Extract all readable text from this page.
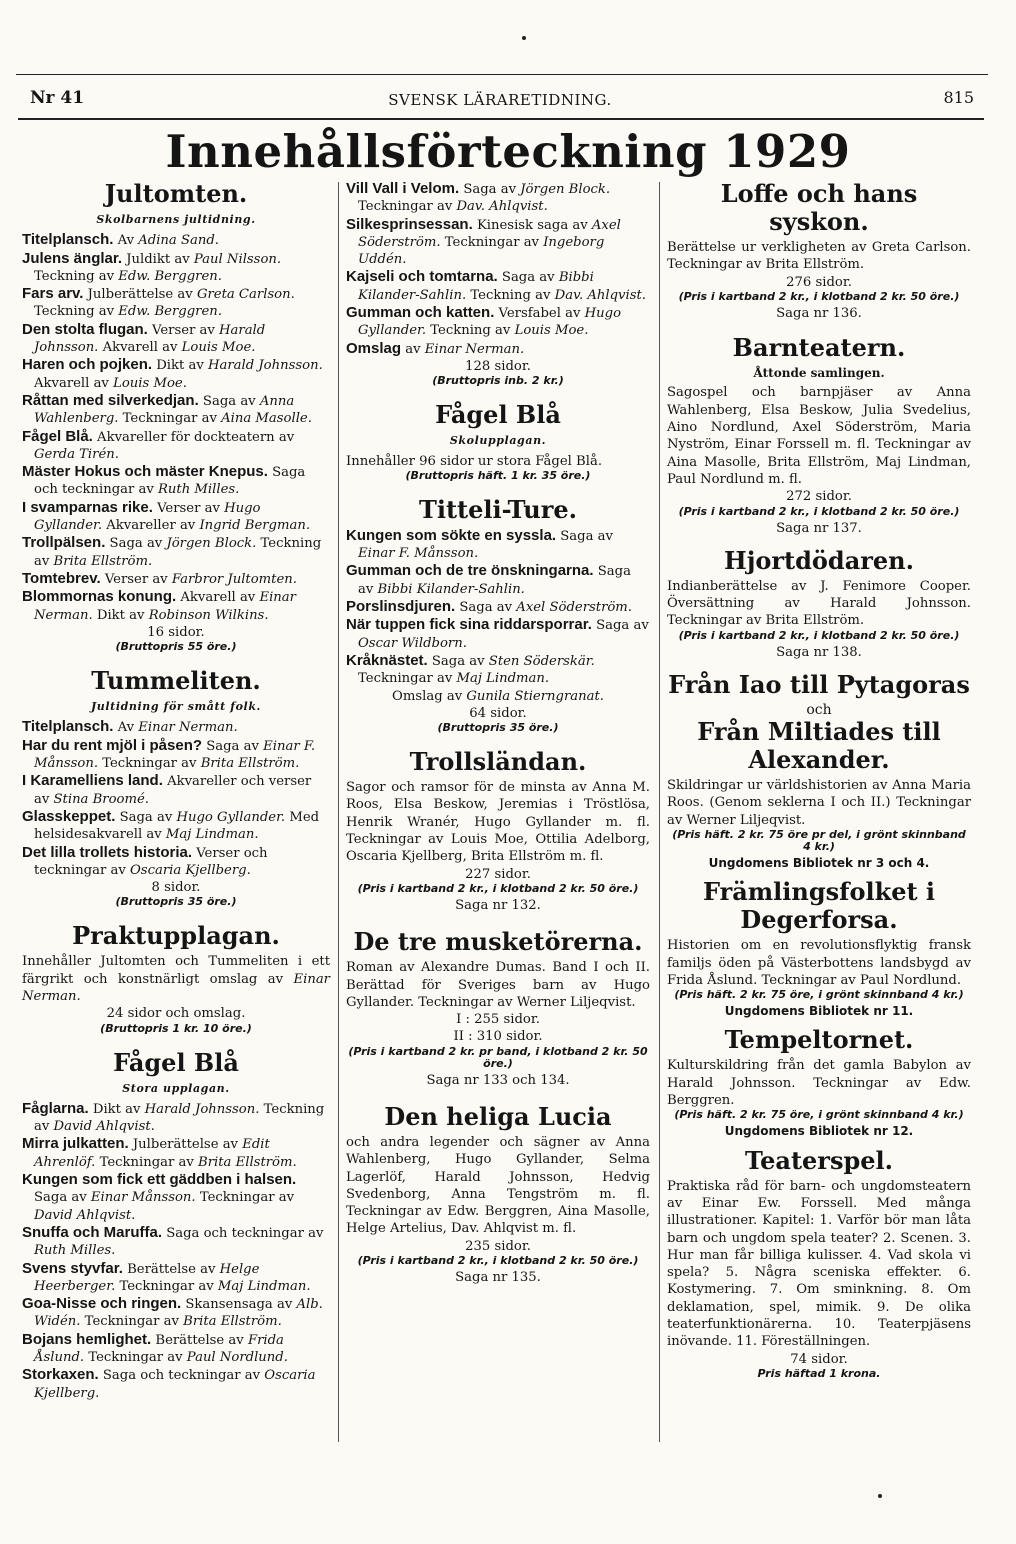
Nr 41	SVENSK LÄRARETIDNING.	815
Innehållsförteckning 1929
Jultomten.
Skolbarnens jultidning.

Titelplansch. Av Adina Sand.

Julens änglar. Juldikt av Paul Nilsson. Teckning av Edw. Berggren.

Fars arv. Julberättelse av Greta Carlson. Teckning av Edw. Berggren.

Den stolta flugan. Verser av Harald Johnsson. Akvarell av Louis Moe.

Haren och pojken. Dikt av Harald Johnsson. Akvarell av Louis Moe.

Råttan med silverkedjan. Saga av Anna Wahlenberg. Teckningar av Aina Masolle.

Fågel Blå. Akvareller för dockteatern av Gerda Tirén.

Mäster Hokus och mäster Knepus. Saga och teckningar av Ruth Milles.

I svamparnas rike. Verser av Hugo Gyllander. Akvareller av Ingrid Bergman.

Trollpälsen. Saga av Jörgen Block. Teckning av Brita Ellström.

Tomtebrev. Verser av Farbror Jultomten.

Blommornas konung. Akvarell av Einar Nerman. Dikt av Robinson Wilkins.

16 sidor.

(Bruttopris 55 öre.)

Tummeliten.
Jultidning för smått folk.

Titelplansch. Av Einar Nerman.

Har du rent mjöl i påsen? Saga av Einar F. Månsson. Teckningar av Brita Ellström.

I Karamelliens land. Akvareller och verser av Stina Broomé.

Glasskeppet. Saga av Hugo Gyllander. Med helsidesakvarell av Maj Lindman.

Det lilla trollets historia. Verser och teckningar av Oscaria Kjellberg.

8 sidor.

(Bruttopris 35 öre.)

Praktupplagan.

Innehåller Jultomten och Tummeliten i ett färgrikt och konstnärligt omslag av Einar Nerman.

24 sidor och omslag.

(Bruttopris 1 kr. 10 öre.)

Fågel Blå
Stora upplagan.

Fåglarna. Dikt av Harald Johnsson. Teckning av David Ahlqvist.

Mirra julkatten. Julberättelse av Edit Ahrenlöf. Teckningar av Brita Ellström.

Kungen som fick ett gäddben i halsen. Saga av Einar Månsson. Teckningar av David Ahlqvist.

Snuffa och Maruffa. Saga och teckningar av Ruth Milles.

Svens styvfar. Berättelse av Helge Heerberger. Teckningar av Maj Lindman.

Goa-Nisse och ringen. Skansensaga av Alb. Widén. Teckningar av Brita Ellström.

Bojans hemlighet. Berättelse av Frida Åslund. Teckningar av Paul Nordlund.

Storkaxen. Saga och teckningar av Oscaria Kjellberg.

Vill Vall i Velom. Saga av Jörgen Block. Teckningar av Dav. Ahlqvist.

Silkesprinsessan. Kinesisk saga av Axel Söderström. Teckningar av Ingeborg Uddén.

Kajseli och tomtarna. Saga av Bibbi Kilander-Sahlin. Teckning av Dav. Ahlqvist.

Gumman och katten. Versfabel av Hugo Gyllander. Teckning av Louis Moe.

Omslag av Einar Nerman.

128 sidor.

(Bruttopris inb. 2 kr.)

Fågel Blå
Skolupplagan.

Innehåller 96 sidor ur stora Fågel Blå.

(Bruttopris häft. 1 kr. 35 öre.)

Titteli-Ture.

Kungen som sökte en syssla. Saga av Einar F. Månsson.

Gumman och de tre önskningarna. Saga av Bibbi Kilander-Sahlin.

Porslinsdjuren. Saga av Axel Söderström.

När tuppen fick sina riddarsporrar. Saga av Oscar Wildborn.

Kråknästet. Saga av Sten Söderskär. Teckningar av Maj Lindman.

Omslag av Gunila Stierngranat.

64 sidor.

(Bruttopris 35 öre.)

Trollsländan.

Sagor och ramsor för de minsta av Anna M. Roos, Elsa Beskow, Jeremias i Tröstlösa, Henrik Wranér, Hugo Gyllander m. fl. Teckningar av Louis Moe, Ottilia Adelborg, Oscaria Kjellberg, Brita Ellström m. fl.

227 sidor.

(Pris i kartband 2 kr., i klotband 2 kr. 50 öre.)

Saga nr 132.

De tre musketörerna.

Roman av Alexandre Dumas. Band I och II. Berättad för Sveriges barn av Hugo Gyllander. Teckningar av Werner Liljeqvist.

I : 255 sidor.

II : 310 sidor.

(Pris i kartband 2 kr. pr band, i klotband 2 kr. 50 öre.)

Saga nr 133 och 134.

Den heliga Lucia

och andra legender och sägner av Anna Wahlenberg, Hugo Gyllander, Selma Lagerlöf, Harald Johnsson, Hedvig Svedenborg, Anna Tengström m. fl. Teckningar av Edw. Berggren, Aina Masolle, Helge Artelius, Dav. Ahlqvist m. fl.

235 sidor.

(Pris i kartband 2 kr., i klotband 2 kr. 50 öre.)

Saga nr 135.

Loffe och hans syskon.

Berättelse ur verkligheten av Greta Carlson. Teckningar av Brita Ellström.

276 sidor.

(Pris i kartband 2 kr., i klotband 2 kr. 50 öre.)

Saga nr 136.

Barnteatern.
Åttonde samlingen.

Sagospel och barnpjäser av Anna Wahlenberg, Elsa Beskow, Julia Svedelius, Aino Nordlund, Axel Söderström, Maria Nyström, Einar Forssell m. fl. Teckningar av Aina Masolle, Brita Ellström, Maj Lindman, Paul Nordlund m. fl.

272 sidor.

(Pris i kartband 2 kr., i klotband 2 kr. 50 öre.)

Saga nr 137.

Hjortdödaren.

Indianberättelse av J. Fenimore Cooper. Översättning av Harald Johnsson. Teckningar av Brita Ellström.

(Pris i kartband 2 kr., i klotband 2 kr. 50 öre.)

Saga nr 138.

Från Iao till Pytagoras

och

Från Miltiades till Alexander.

Skildringar ur världshistorien av Anna Maria Roos. (Genom seklerna I och II.) Teckningar av Werner Liljeqvist.

(Pris häft. 2 kr. 75 öre pr del, i grönt skinnband 4 kr.)

Ungdomens Bibliotek nr 3 och 4.

Främlingsfolket i Degerforsa.

Historien om en revolutionsflyktig fransk familjs öden på Västerbottens landsbygd av Frida Åslund. Teckningar av Paul Nordlund.

(Pris häft. 2 kr. 75 öre, i grönt skinnband 4 kr.)

Ungdomens Bibliotek nr 11.

Tempeltornet.

Kulturskildring från det gamla Babylon av Harald Johnsson. Teckningar av Edw. Berggren.

(Pris häft. 2 kr. 75 öre, i grönt skinnband 4 kr.)

Ungdomens Bibliotek nr 12.

Teaterspel.

Praktiska råd för barn- och ungdomsteatern av Einar Ew. Forssell. Med många illustrationer. Kapitel: 1. Varför bör man låta barn och ungdom spela teater? 2. Scenen. 3. Hur man får billiga kulisser. 4. Vad skola vi spela? 5. Några sceniska effekter. 6. Kostymering. 7. Om sminkning. 8. Om deklamation, spel, mimik. 9. De olika teaterfunktionärerna. 10. Teaterpjäsens inövande. 11. Föreställningen.

74 sidor.

Pris häftad 1 krona.
